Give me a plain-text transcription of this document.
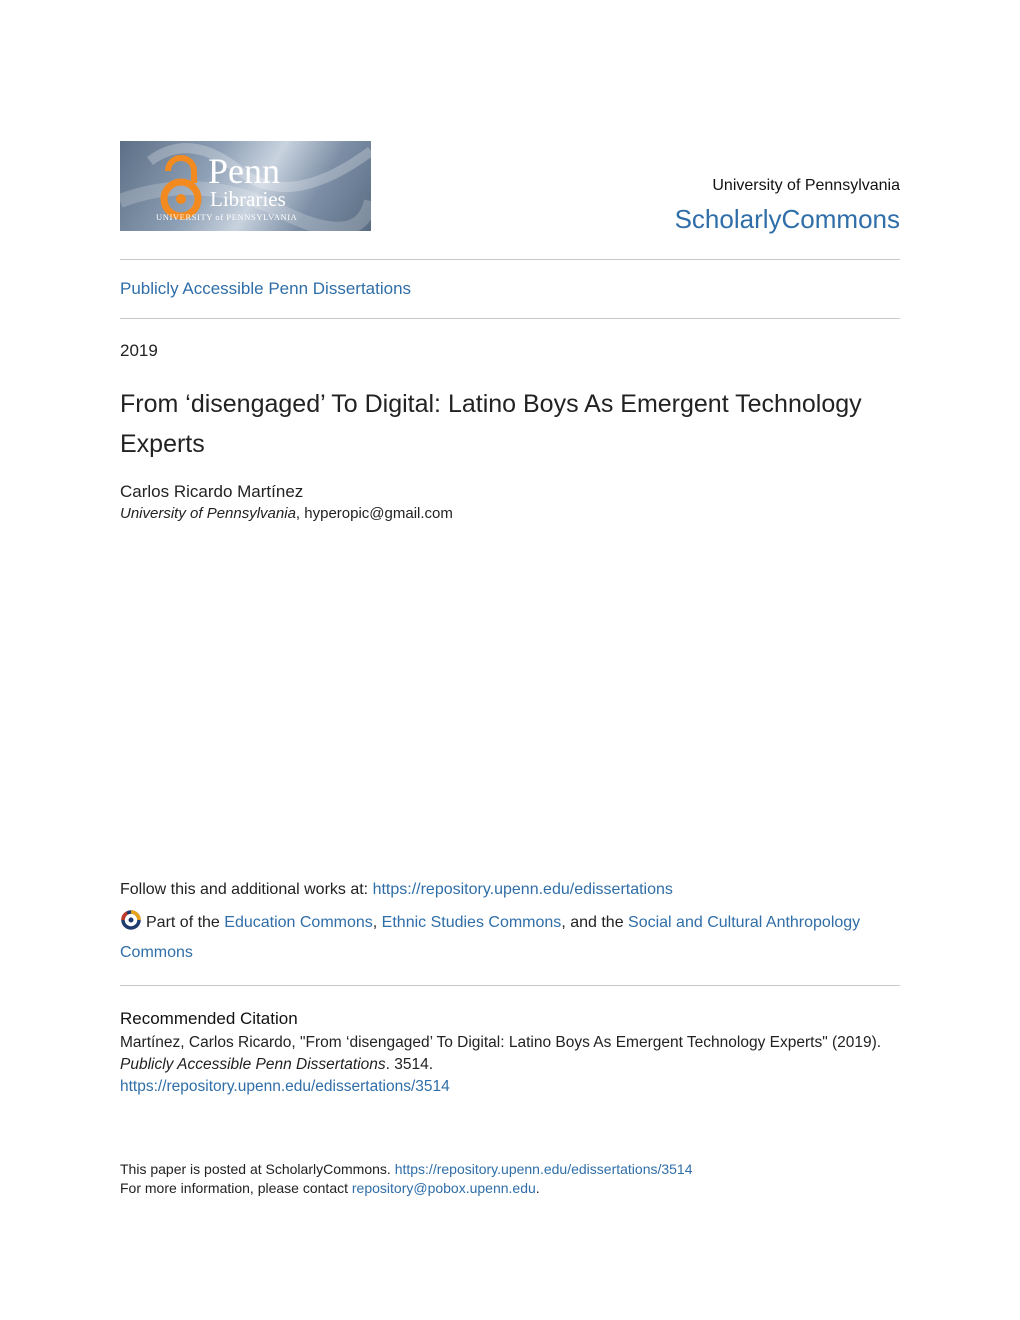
Penn
Libraries
UNIVERSITY of PENNSYLVANIA
University of Pennsylvania
ScholarlyCommons
Publicly Accessible Penn Dissertations
2019
From ‘disengaged’ To Digital: Latino Boys As Emergent Technology Experts
Carlos Ricardo Martínez
University of Pennsylvania, hyperopic@gmail.com
Follow this and additional works at: https://repository.upenn.edu/edissertations
Part of the Education Commons, Ethnic Studies Commons, and the Social and Cultural Anthropology Commons
Recommended Citation
Martínez, Carlos Ricardo, "From ‘disengaged’ To Digital: Latino Boys As Emergent Technology Experts" (2019). Publicly Accessible Penn Dissertations. 3514.
https://repository.upenn.edu/edissertations/3514
This paper is posted at ScholarlyCommons. https://repository.upenn.edu/edissertations/3514
For more information, please contact repository@pobox.upenn.edu.
